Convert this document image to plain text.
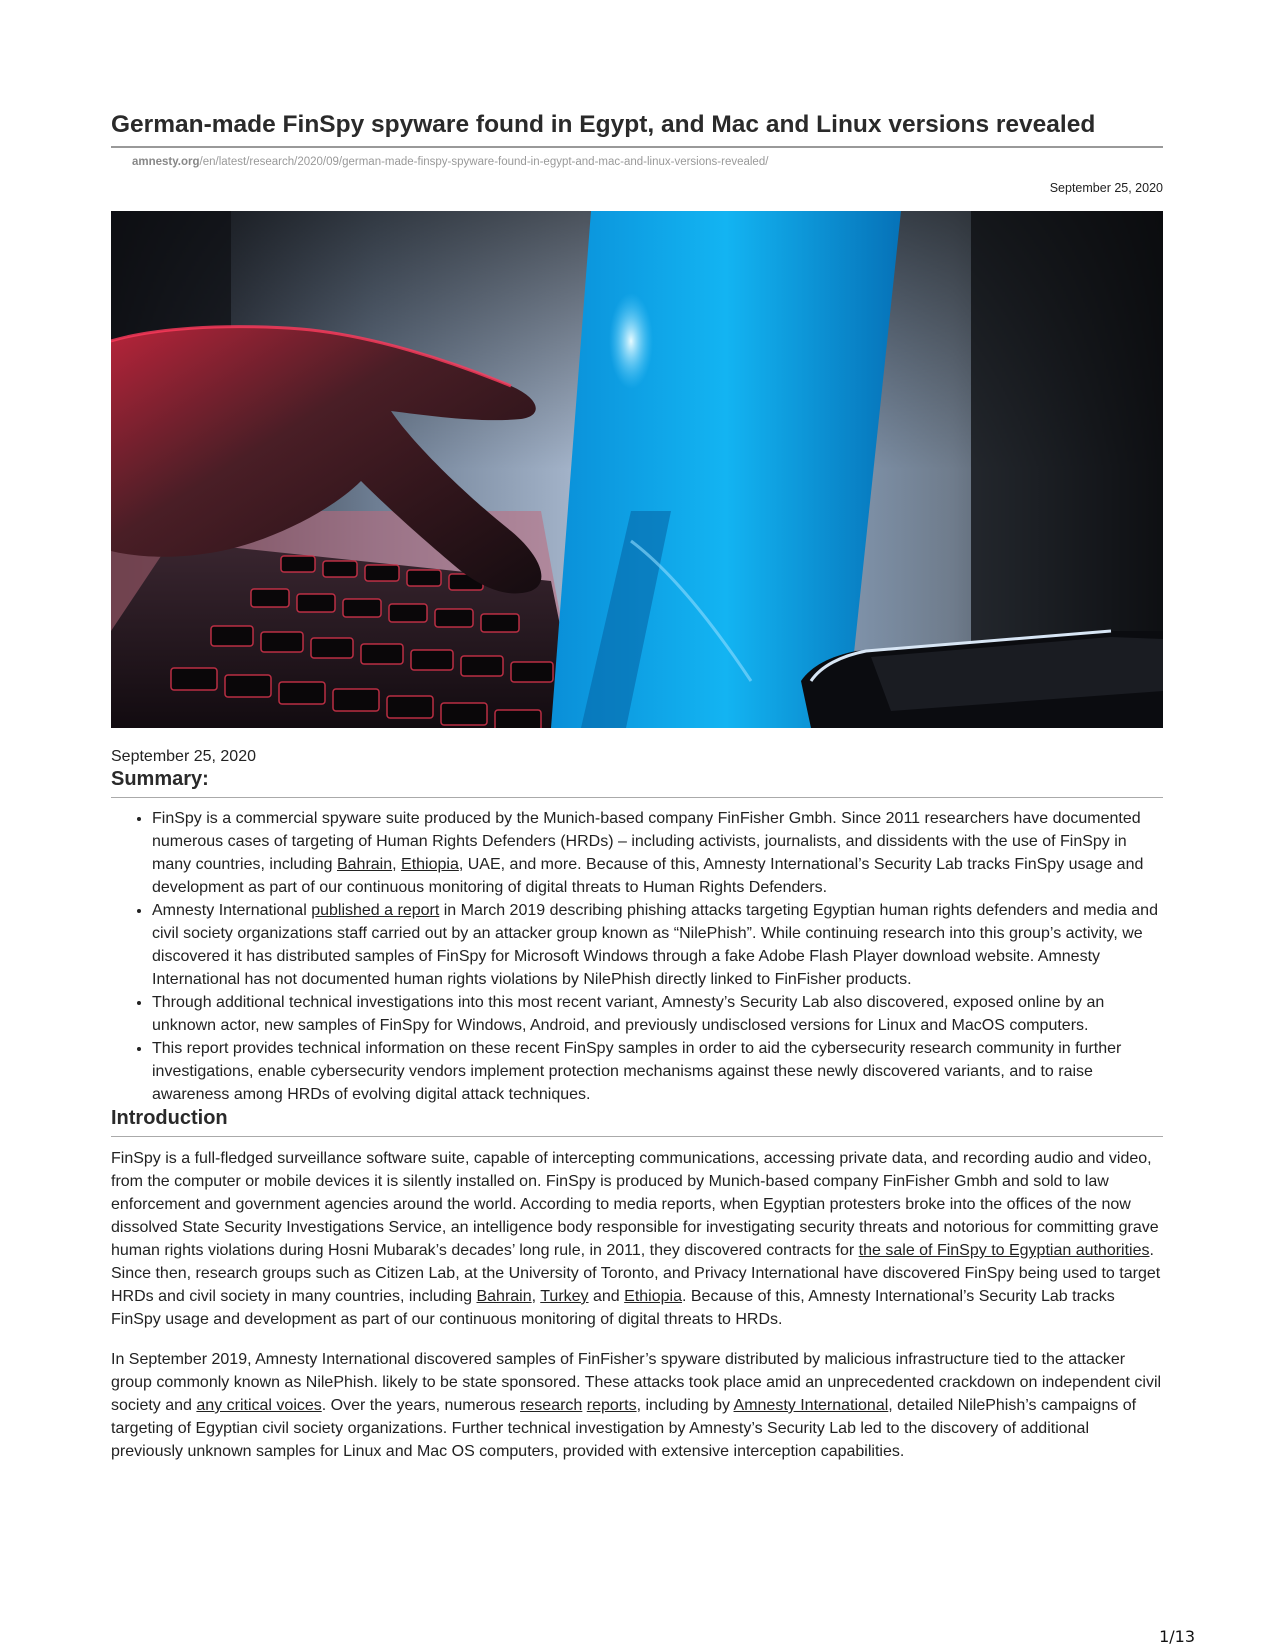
German-made FinSpy spyware found in Egypt, and Mac and Linux versions revealed
amnesty.org/en/latest/research/2020/09/german-made-finspy-spyware-found-in-egypt-and-mac-and-linux-versions-revealed/
September 25, 2020
September 25, 2020
Summary:
• FinSpy is a commercial spyware suite produced by the Munich-based company FinFisher Gmbh. Since 2011 researchers have documented numerous cases of targeting of Human Rights Defenders (HRDs) – including activists, journalists, and dissidents with the use of FinSpy in many countries, including Bahrain, Ethiopia, UAE, and more. Because of this, Amnesty International’s Security Lab tracks FinSpy usage and development as part of our continuous monitoring of digital threats to Human Rights Defenders.
• Amnesty International published a report in March 2019 describing phishing attacks targeting Egyptian human rights defenders and media and civil society organizations staff carried out by an attacker group known as “NilePhish”. While continuing research into this group’s activity, we discovered it has distributed samples of FinSpy for Microsoft Windows through a fake Adobe Flash Player download website. Amnesty International has not documented human rights violations by NilePhish directly linked to FinFisher products.
• Through additional technical investigations into this most recent variant, Amnesty’s Security Lab also discovered, exposed online by an unknown actor, new samples of FinSpy for Windows, Android, and previously undisclosed versions for Linux and MacOS computers.
• This report provides technical information on these recent FinSpy samples in order to aid the cybersecurity research community in further investigations, enable cybersecurity vendors implement protection mechanisms against these newly discovered variants, and to raise awareness among HRDs of evolving digital attack techniques.
Introduction

FinSpy is a full-fledged surveillance software suite, capable of intercepting communications, accessing private data, and recording audio and video, from the computer or mobile devices it is silently installed on. FinSpy is produced by Munich-based company FinFisher Gmbh and sold to law enforcement and government agencies around the world. According to media reports, when Egyptian protesters broke into the offices of the now dissolved State Security Investigations Service, an intelligence body responsible for investigating security threats and notorious for committing grave human rights violations during Hosni Mubarak’s decades’ long rule, in 2011, they discovered contracts for the sale of FinSpy to Egyptian authorities. Since then, research groups such as Citizen Lab, at the University of Toronto, and Privacy International have discovered FinSpy being used to target HRDs and civil society in many countries, including Bahrain, Turkey and Ethiopia. Because of this, Amnesty International’s Security Lab tracks FinSpy usage and development as part of our continuous monitoring of digital threats to HRDs.

In September 2019, Amnesty International discovered samples of FinFisher’s spyware distributed by malicious infrastructure tied to the attacker group commonly known as NilePhish. likely to be state sponsored. These attacks took place amid an unprecedented crackdown on independent civil society and any critical voices. Over the years, numerous research reports, including by Amnesty International, detailed NilePhish’s campaigns of targeting of Egyptian civil society organizations. Further technical investigation by Amnesty’s Security Lab led to the discovery of additional previously unknown samples for Linux and Mac OS computers, provided with extensive interception capabilities.

1/13
